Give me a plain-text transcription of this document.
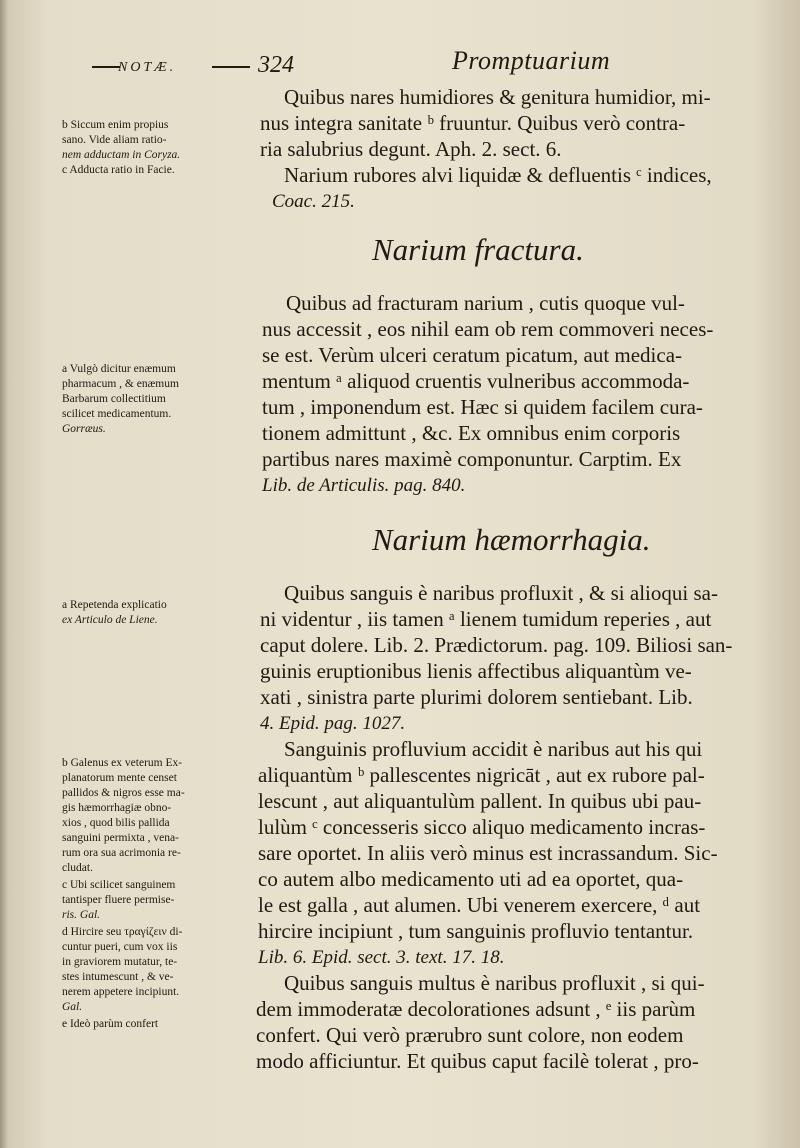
NOTÆ.	324	Promptuarium
Quibus nares humidiores & genitura humidior, mi-
nus integra sanitate ᵇ fruuntur. Quibus verò contra-
ria salubrius degunt. Aph. 2. sect. 6.
Narium rubores alvi liquidæ & defluentis ᶜ indices,
Coac. 215.
Narium fractura.
Quibus ad fracturam narium , cutis quoque vul-
nus accessit , eos nihil eam ob rem commoveri neces-
se est. Verùm ulceri ceratum picatum, aut medica-
mentum ᵃ aliquod cruentis vulneribus accommoda-
tum , imponendum est. Hæc si quidem facilem cura-
tionem admittunt , &c. Ex omnibus enim corporis
partibus nares maximè componuntur. Carptim. Ex
Lib. de Articulis. pag. 840.
Narium hæmorrhagia.
Quibus sanguis è naribus profluxit , & si alioqui sa-
ni videntur , iis tamen ᵃ lienem tumidum reperies , aut
caput dolere. Lib. 2. Prædictorum. pag. 109. Biliosi san-
guinis eruptionibus lienis affectibus aliquantùm ve-
xati , sinistra parte plurimi dolorem sentiebant. Lib.
4. Epid. pag. 1027.
Sanguinis profluvium accidit è naribus aut his qui
aliquantùm ᵇ pallescentes nigricāt , aut ex rubore pal-
lescunt , aut aliquantulùm pallent. In quibus ubi pau-
lulùm ᶜ concesseris sicco aliquo medicamento incras-
sare oportet. In aliis verò minus est incrassandum. Sic-
co autem albo medicamento uti ad ea oportet, qua-
le est galla , aut alumen. Ubi venerem exercere, ᵈ aut
hircire incipiunt , tum sanguinis profluvio tentantur.
Lib. 6. Epid. sect. 3. text. 17. 18.
Quibus sanguis multus è naribus profluxit , si qui-
dem immoderatæ decolorationes adsunt , ᵉ iis parùm
confert. Qui verò prærubro sunt colore, non eodem
modo afficiuntur. Et quibus caput facilè tolerat , pro-
b Siccum enim propius
sano. Vide aliam ratio-
nem adductam in Coryza.
c Adducta ratio in Facie.
a Vulgò dicitur enæmum
pharmacum , & enæmum
Barbarum collectitium
scilicet medicamentum.
Gorræus.
a Repetenda explicatio
ex Articulo de Liene.
b Galenus ex veterum Ex-
planatorum mente censet
pallidos & nigros esse ma-
gis hæmorrhagiæ obno-
xios , quod bilis pallida
sanguini permixta , vena-
rum ora sua acrimonia re-
cludat.
c Ubi scilicet sanguinem
tantisper fluere permise-
ris. Gal.
d Hircire seu τραγίζειν di-
cuntur pueri, cum vox iis
in graviorem mutatur, te-
stes intumescunt , & ve-
nerem appetere incipiunt.
Gal.
e Ideò parùm confert
